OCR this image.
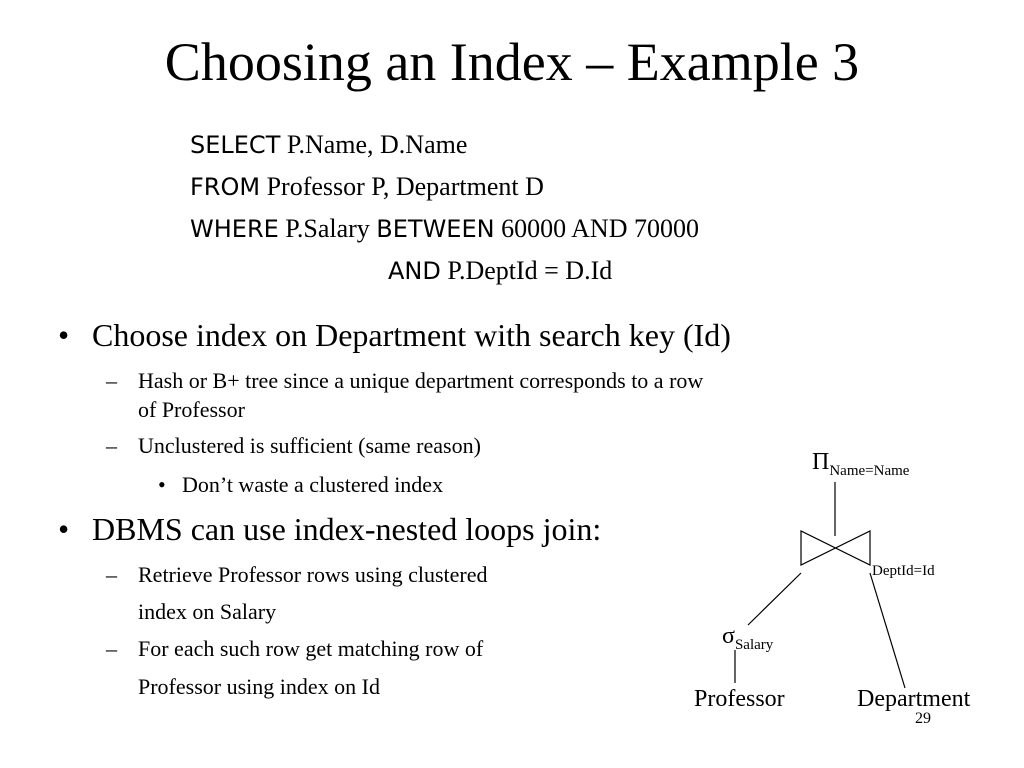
Choosing an Index – Example 3
SELECT P.Name, D.Name
FROM Professor P, Department D
WHERE P.Salary BETWEEN 60000 AND 70000
AND P.DeptId = D.Id
• Choose index on Department with search key (Id)
– Hash or B+ tree since a unique department corresponds to a row
of Professor
– Unclustered is sufficient (same reason)
• Don’t waste a clustered index
• DBMS can use index-nested loops join:
– Retrieve Professor rows using clustered
index on Salary
– For each such row get matching row of
Professor using index on Id
$\Pi_{Name=Name}$
DeptId=Id
$\sigma_{Salary}$
Professor	Department
29
